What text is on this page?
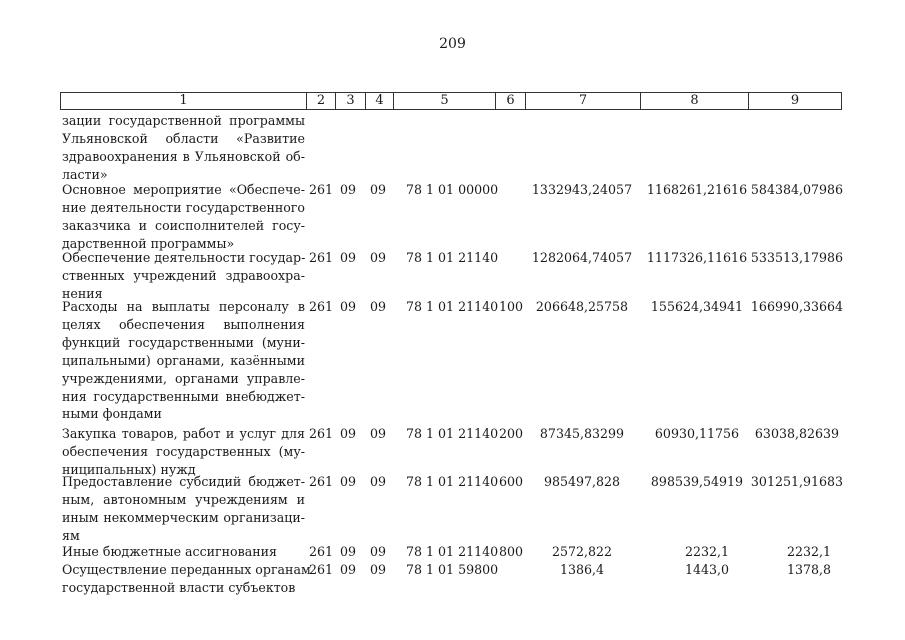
209
1	2	3	4	5	6	7	8	9
зации государственной программы
Ульяновской области «Развитие
здравоохранения в Ульяновской об-
ласти»
Основное мероприятие «Обеспече-
ние деятельности государственного
заказчика и соисполнителей госу-
дарственной программы»
261 09 09 78 1 01 00000	1332943,24057	1168261,21616 584384,07986
Обеспечение деятельности государ-
ственных учреждений здравоохра-
нения
261 09 09 78 1 01 21140	1282064,74057	1117326,11616 533513,17986
Расходы на выплаты персоналу в
целях обеспечения выполнения
функций государственными (муни-
ципальными) органами, казёнными
учреждениями, органами управле-
ния государственными внебюджет-
ными фондами
261 09 09 78 1 01 21140 100	206648,25758	155624,34941 166990,33664
Закупка товаров, работ и услуг для
обеспечения государственных (му-
ниципальных) нужд
261 09 09 78 1 01 21140 200	87345,83299	60930,11756	63038,82639
Предоставление субсидий бюджет-
ным, автономным учреждениям и
иным некоммерческим организаци-
ям
261 09 09 78 1 01 21140 600	985497,828	898539,54919 301251,91683
Иные бюджетные ассигнования	261 09 09 78 1 01 21140 800	2572,822	2232,1	2232,1
Осуществление переданных органам
государственной власти субъектов
261 09 09 78 1 01 59800	1386,4	1443,0	1378,8
